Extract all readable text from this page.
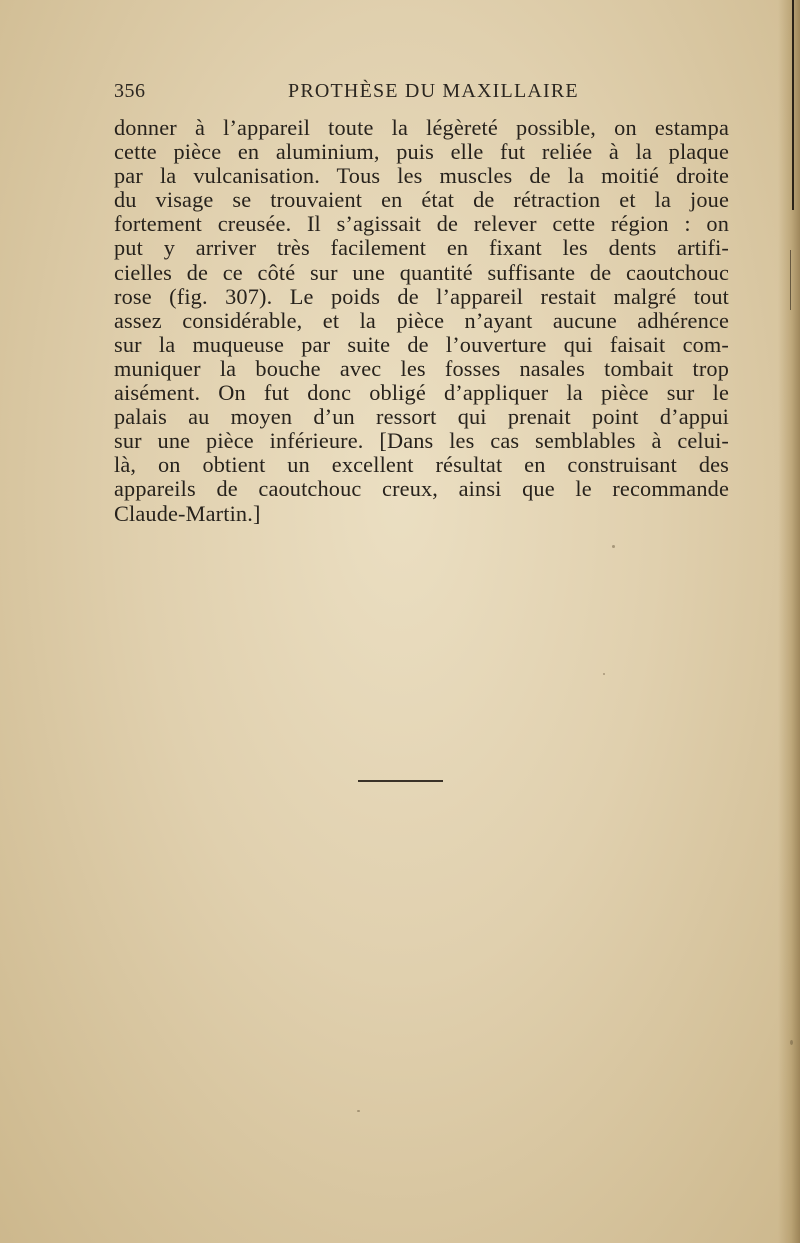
356	PROTHÈSE DU MAXILLAIRE
donner à l’appareil toute la légèreté possible, on estampa
cette pièce en aluminium, puis elle fut reliée à la plaque
par la vulcanisation. Tous les muscles de la moitié droite
du visage se trouvaient en état de rétraction et la joue
fortement creusée. Il s’agissait de relever cette région : on
put y arriver très facilement en fixant les dents artifi-
cielles de ce côté sur une quantité suffisante de caoutchouc
rose (fig. 307). Le poids de l’appareil restait malgré tout
assez considérable, et la pièce n’ayant aucune adhérence
sur la muqueuse par suite de l’ouverture qui faisait com-
muniquer la bouche avec les fosses nasales tombait trop
aisément. On fut donc obligé d’appliquer la pièce sur le
palais au moyen d’un ressort qui prenait point d’appui
sur une pièce inférieure. [Dans les cas semblables à celui-
là, on obtient un excellent résultat en construisant des
appareils de caoutchouc creux, ainsi que le recommande
Claude-Martin.]
